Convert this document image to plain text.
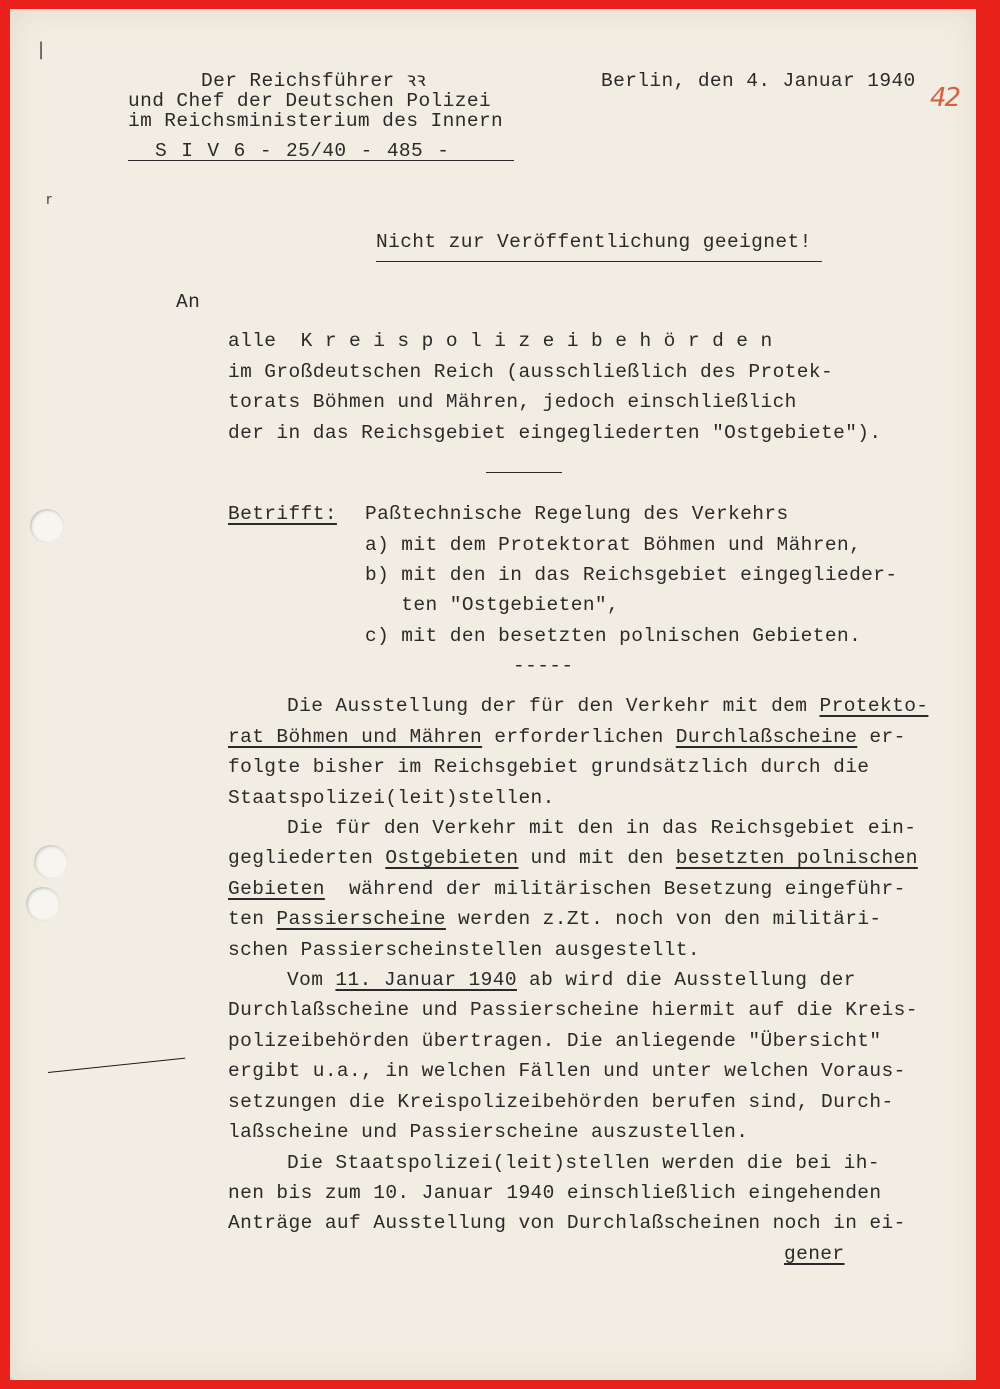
|
r
Der Reichsführer ꝛꝛ
und Chef der Deutschen Polizei
im Reichsministerium des Innern
S I V 6 - 25/40 - 485 -
Berlin, den 4. Januar 1940
42
Nicht zur Veröffentlichung geeignet!
An
alle  K r e i s p o l i z e i b e h ö r d e n
im Großdeutschen Reich (ausschließlich des Protek-
torats Böhmen und Mähren, jedoch einschließlich
der in das Reichsgebiet eingegliederten "Ostgebiete").
Betrifft: Paßtechnische Regelung des Verkehrs
a) mit dem Protektorat Böhmen und Mähren,
b) mit den in das Reichsgebiet eingeglieder-
ten "Ostgebieten",
c) mit den besetzten polnischen Gebieten.
-----
Die Ausstellung der für den Verkehr mit dem Protekto-
rat Böhmen und Mähren erforderlichen Durchlaßscheine er-
folgte bisher im Reichsgebiet grundsätzlich durch die
Staatspolizei(leit)stellen.
Die für den Verkehr mit den in das Reichsgebiet ein-
gegliederten Ostgebieten und mit den besetzten polnischen
Gebieten  während der militärischen Besetzung eingeführ-
ten Passierscheine werden z.Zt. noch von den militäri-
schen Passierscheinstellen ausgestellt.
Vom 11. Januar 1940 ab wird die Ausstellung der
Durchlaßscheine und Passierscheine hiermit auf die Kreis-
polizeibehörden übertragen. Die anliegende "Übersicht"
ergibt u.a., in welchen Fällen und unter welchen Voraus-
setzungen die Kreispolizeibehörden berufen sind, Durch-
laßscheine und Passierscheine auszustellen.
Die Staatspolizei(leit)stellen werden die bei ih-
nen bis zum 10. Januar 1940 einschließlich eingehenden
Anträge auf Ausstellung von Durchlaßscheinen noch in ei-
gener
